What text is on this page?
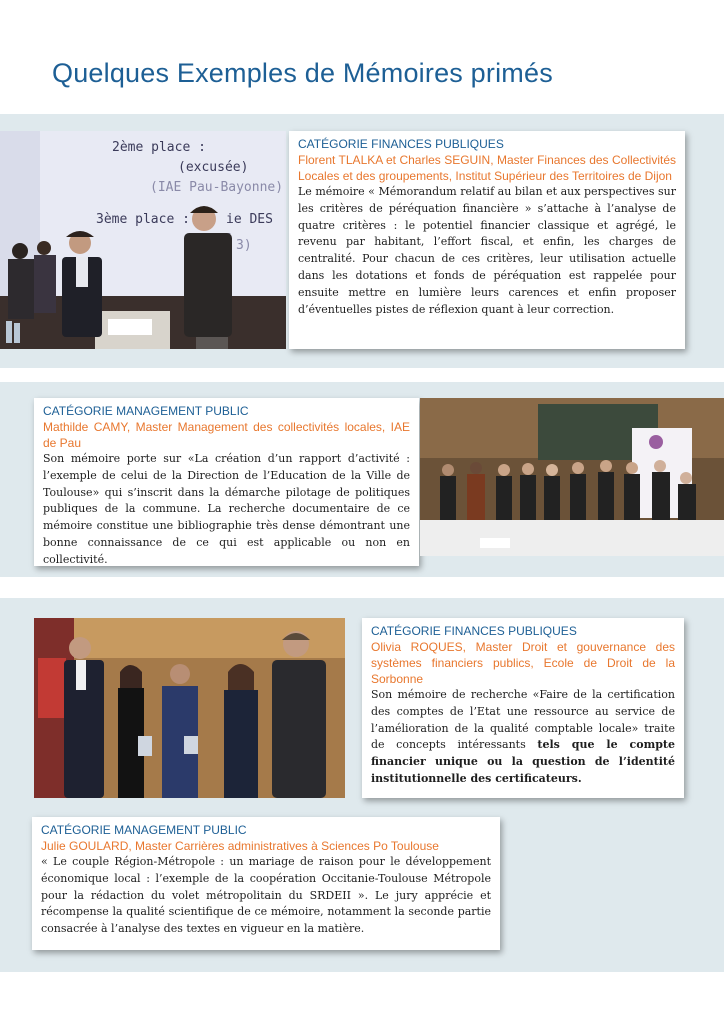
Quelques Exemples de Mémoires primés
2ème place :
(excusée)
(IAE Pau-Bayonne)
3ème place :	ie DES
3)
CATÉGORIE FINANCES PUBLIQUES
Florent TLALKA et Charles SEGUIN, Master Finances des Collectivités Locales et des groupements, Institut Supérieur des Territoires de Dijon
Le mémoire « Mémorandum relatif au bilan et aux perspectives sur les critères de péréquation financière » s’attache à l’analyse de quatre critères : le potentiel financier classique et agrégé, le revenu par habitant, l’effort fiscal, et enfin, les charges de centralité. Pour chacun de ces critères, leur utilisation actuelle dans les dotations et fonds de péréquation est rappelée pour ensuite mettre en lumière leurs carences et enfin proposer d’éventuelles pistes de réflexion quant à leur correction.
CATÉGORIE MANAGEMENT PUBLIC
Mathilde CAMY, Master Management des collectivités locales, IAE de Pau
Son mémoire porte sur «La création d’un rapport d’activité : l’exemple de celui de la Direction de l’Education de la Ville de Toulouse» qui s’inscrit dans la démarche pilotage de politiques publiques de la commune. La recherche documentaire de ce mémoire constitue une bibliographie très dense démontrant une bonne connaissance de ce qui est applicable ou non en collectivité.
CATÉGORIE FINANCES PUBLIQUES
Olivia ROQUES, Master Droit et gouvernance des systèmes financiers publics, Ecole de Droit de la Sorbonne
Son mémoire de recherche «Faire de la certification des comptes de l’Etat une ressource au service de l’amélioration de la qualité comptable locale» traite de concepts intéressants tels que le compte financier unique ou la question de l’identité institutionnelle des certificateurs.
CATÉGORIE MANAGEMENT PUBLIC
Julie GOULARD, Master Carrières administratives à Sciences Po Toulouse
« Le couple Région-Métropole : un mariage de raison pour le développement économique local : l’exemple de la coopération Occitanie-Toulouse Métropole pour la rédaction du volet métropolitain du SRDEII ». Le jury apprécie et récompense la qualité scientifique de ce mémoire, notamment la seconde partie consacrée à l’analyse des textes en vigueur en la matière.
